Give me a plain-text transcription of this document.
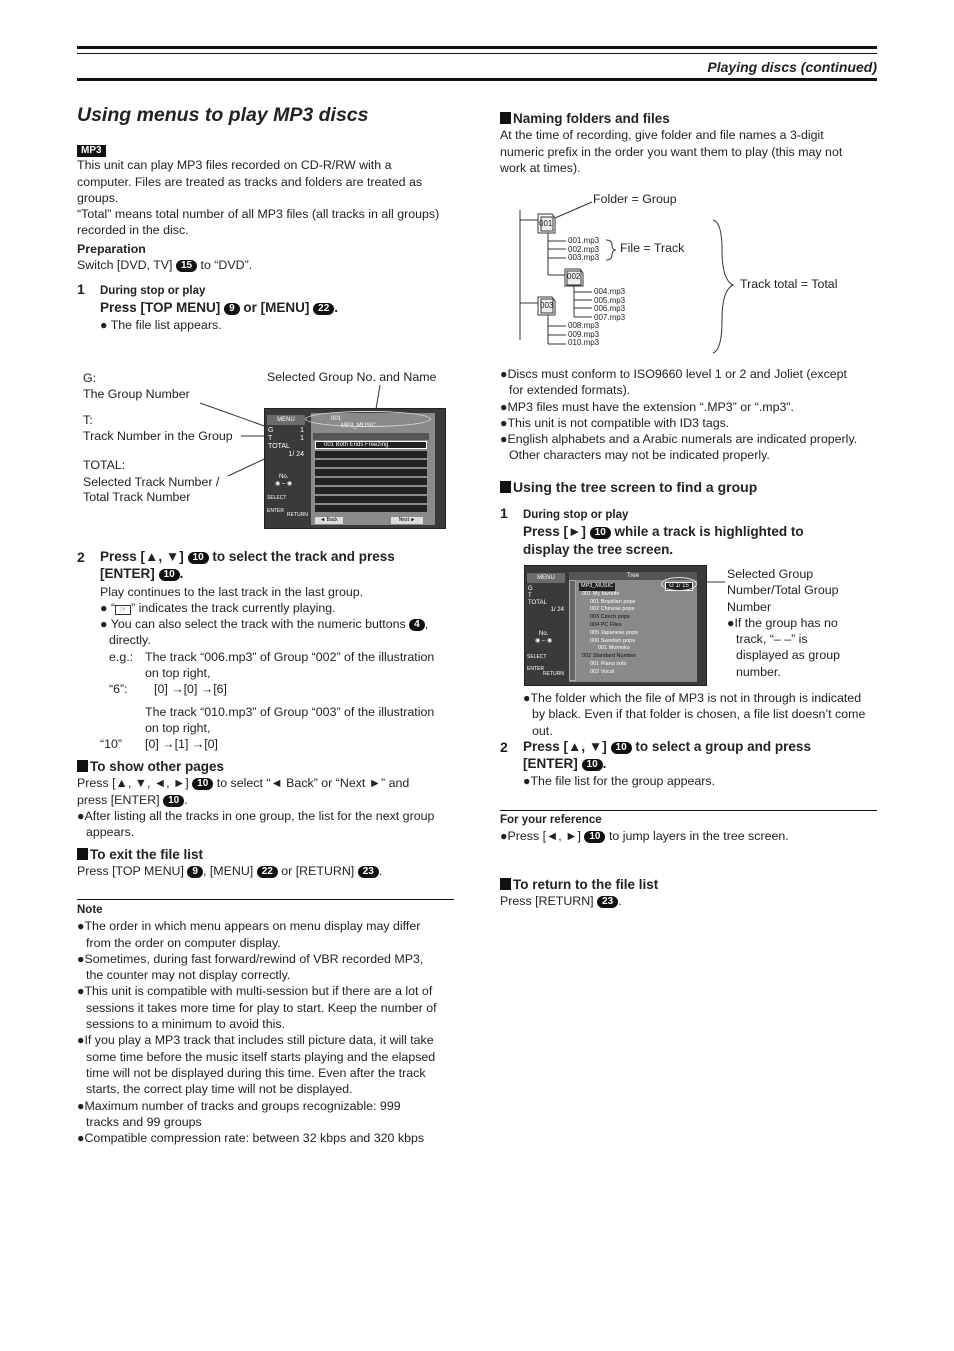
Playing discs (continued)
Using menus to play MP3 discs
MP3
This unit can play MP3 files recorded on CD-R/RW with a
computer. Files are treated as tracks and folders are treated as
groups.
“Total” means total number of all MP3 files (all tracks in all groups)
recorded in the disc.
Preparation
Switch [DVD, TV] 15 to “DVD”.
1 During stop or play
Press [TOP MENU] 9 or [MENU] 22 .
● The file list appears.
G:
The Group Number
T:
Track Number in the Group
TOTAL:
Selected Track Number /
Total Track Number
Selected Group No. and Name
MENU
G	1
T	1
TOTAL
1/ 24
No.
◉ – ◉
SELECT
ENTER
RETURN
001
MP3_MUSIC
001 Both Ends Freezing
◄ Back	Next ►
2 Press [▲, ▼] 10 to select the track and press
[ENTER] 10 .
Play continues to the last track in the last group.
● “ ☞ ” indicates the track currently playing.
● You can also select the track with the numeric buttons 4 ,
directly.
e.g.: The track “006.mp3” of Group “002” of the illustration
on top right,
“6”:	[0] →[0] →[6]
The track “010.mp3” of Group “003” of the illustration
on top right,
“10”	[0] →[1] →[0]
To show other pages
Press [▲, ▼, ◄, ►] 10 to select “◄ Back” or “Next ►” and
press [ENTER] 10 .
●After listing all the tracks in one group, the list for the next group
appears.
To exit the file list
Press [TOP MENU] 9 , [MENU] 22 or [RETURN] 23 .
Note
●The order in which menu appears on menu display may differ
from the order on computer display.
●Sometimes, during fast forward/rewind of VBR recorded MP3,
the counter may not display correctly.
●This unit is compatible with multi-session but if there are a lot of
sessions it takes more time for play to start. Keep the number of
sessions to a minimum to avoid this.
●If you play a MP3 track that includes still picture data, it will take
some time before the music itself starts playing and the elapsed
time will not be displayed during this time. Even after the track
starts, the correct play time will not be displayed.
●Maximum number of tracks and groups recognizable: 999
tracks and 99 groups
●Compatible compression rate: between 32 kbps and 320 kbps
Naming folders and files
At the time of recording, give folder and file names a 3-digit
numeric prefix in the order you want them to play (this may not
work at times).
001
002
003
Folder = Group
File = Track
Track total = Total
001.mp3
002.mp3
003.mp3
004.mp3
005.mp3
006.mp3
007.mp3
008.mp3
009.mp3
010.mp3
●Discs must conform to ISO9660 level 1 or 2 and Joliet (except
for extended formats).
●MP3 files must have the extension “.MP3” or “.mp3”.
●This unit is not compatible with ID3 tags.
●English alphabets and a Arabic numerals are indicated properly.
Other characters may not be indicated properly.
Using the tree screen to find a group
1 During stop or play
Press [►] 10 while a track is highlighted to
display the tree screen.
MENU
G
T
TOTAL
1/ 24
No.
◉ – ◉
SELECT
ENTER
RETURN
Tree
G 1/ 15
MP3_MUSIC
001 My favorite
001 Brazilian pops
002 Chinese pops
003 Czech pops
004 PC Files
005 Japanese pops
006 Swedish pops
001 Momoko
002 Standard Number
001 Piano solo
002 Vocal
Selected Group
Number/Total Group
Number
●If the group has no
track, “– –” is
displayed as group
number.
●The folder which the file of MP3 is not in through is indicated
by black. Even if that folder is chosen, a file list doesn’t come
out.
2 Press [▲, ▼] 10 to select a group and press
[ENTER] 10 .
●The file list for the group appears.
For your reference
●Press [◄, ►] 10 to jump layers in the tree screen.
To return to the file list
Press [RETURN] 23 .
